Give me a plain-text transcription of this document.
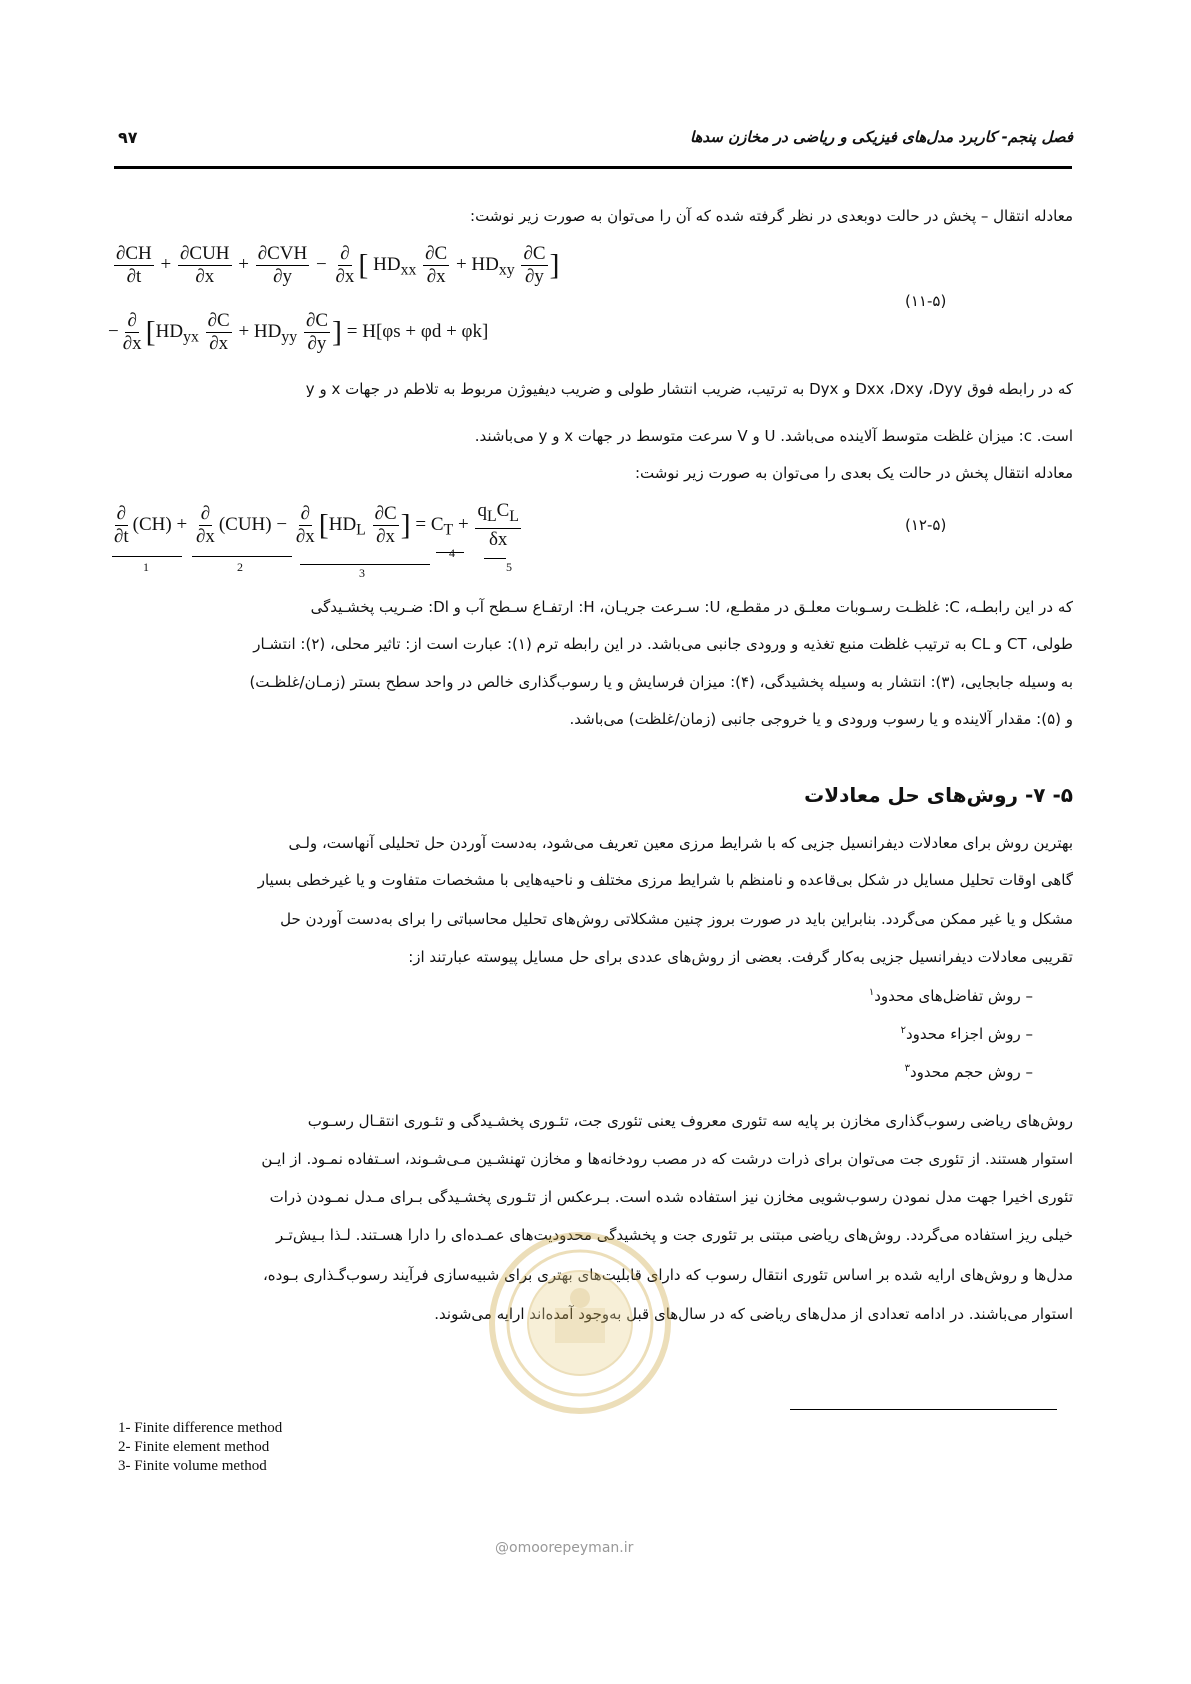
فصل پنجم- کاربرد مدل‌های فیزیکی و ریاضی در مخازن سدها
۹۷
معادله انتقال – پخش در حالت دوبعدی در نظر گرفته شده که آن را می‌توان به صورت زیر نوشت:
$\frac{\partial CH}{\partial t} + \frac{\text{∂CUH}}{\partial x} + \frac{\text{∂CVH}}{\partial y} - \frac{\partial}{\partial x}$ [ $HD_{xx} \frac{\partial C}{\partial x} + HD_{xy} \frac{\partial C}{\partial y}$ ]
− $\frac{\partial}{\partial x} [HD_{yx} \frac{\partial C}{\partial x} + HD_{yy} \frac{\partial C}{\partial y}$ ] = H[φs + φd + φk]
(۱۱-۵)
که در رابطه فوق Dxx ،Dxy ،Dyy و Dyx به ترتیب، ضریب انتشار طولی و ضریب دیفیوژن مربوط به تلاطم در جهات x و y
است. c: میزان غلظت متوسط آلاینده می‌باشد. U و V سرعت متوسط در جهات x و y می‌باشند.
معادله انتقال پخش در حالت یک بعدی را می‌توان به صورت زیر نوشت:
$\frac{\partial}{\partial t} (CH) + \frac{\partial}{\partial x} (CUH) - \frac{\partial}{\partial x} [HD_L \frac{\partial C}{\partial x}$ ] = $C_T + \frac{q_LC_L}{\delta x}$
1	2	3
4
5
(۱۲-۵)
که در این رابطـه، C: غلظـت رسـوبات معلـق در مقطـع، U: سـرعت جریـان، H: ارتفـاع سـطح آب و Dl: ضـریب پخشـیدگی
طولی، CT و CL به ترتیب غلظت منبع تغذیه و ورودی جانبی می‌باشد. در این رابطه ترم (۱): عبارت است از: تاثیر محلی، (۲): انتشـار
به وسیله جابجایی، (۳): انتشار به وسیله پخشیدگی، (۴): میزان فرسایش و یا رسوب‌گذاری خالص در واحد سطح بستر (زمـان/غلظـت)
و (۵): مقدار آلاینده و یا رسوب ورودی و یا خروجی جانبی (زمان/غلظت) می‌باشد.
۵- ۷- روش‌های حل معادلات
بهترین روش برای معادلات دیفرانسیل جزیی که با شرایط مرزی معین تعریف می‌شود، به‌دست آوردن حل تحلیلی آنهاست، ولـی
گاهی اوقات تحلیل مسایل در شکل بی‌قاعده و نامنظم با شرایط مرزی مختلف و ناحیه‌هایی با مشخصات متفاوت و یا غیرخطی بسیار
مشکل و یا غیر ممکن می‌گردد. بنابراین باید در صورت بروز چنین مشکلاتی روش‌های تحلیل محاسباتی را برای به‌دست آوردن حل
تقریبی معادلات دیفرانسیل جزیی به‌کار گرفت. بعضی از روش‌های عددی برای حل مسایل پیوسته عبارتند از:
– روش تفاضل‌های محدود$^۱$
– روش اجزاء محدود$^۲$
– روش حجم محدود$^۳$
روش‌های ریاضی رسوب‌گذاری مخازن بر پایه سه تئوری معروف یعنی تئوری جت، تئـوری پخشـیدگی و تئـوری انتقـال رسـوب
استوار هستند. از تئوری جت می‌توان برای ذرات درشت که در مصب رودخانه‌ها و مخازن تهنشـین مـی‌شـوند، اسـتفاده نمـود. از ایـن
تئوری اخیرا جهت مدل نمودن رسوب‌شویی مخازن نیز استفاده شده است. بـرعکس از تئـوری پخشـیدگی بـرای مـدل نمـودن ذرات
خیلی ریز استفاده می‌گردد. روش‌های ریاضی مبتنی بر تئوری جت و پخشیدگی محدودیت‌های عمـده‌ای را دارا هسـتند. لـذا بـیش‌تـر
مدل‌ها و روش‌های ارایه شده بر اساس تئوری انتقال رسوب که دارای قابلیت‌های بهتری برای شبیه‌سازی فرآیند رسوب‌گـذاری بـوده،
استوار می‌باشند. در ادامه تعدادی از مدل‌های ریاضی که در سال‌های قبل به‌وجود آمده‌اند ارایه می‌شوند.
@omoorepeyman.ir
1- Finite difference method
2- Finite element method
3- Finite volume method
